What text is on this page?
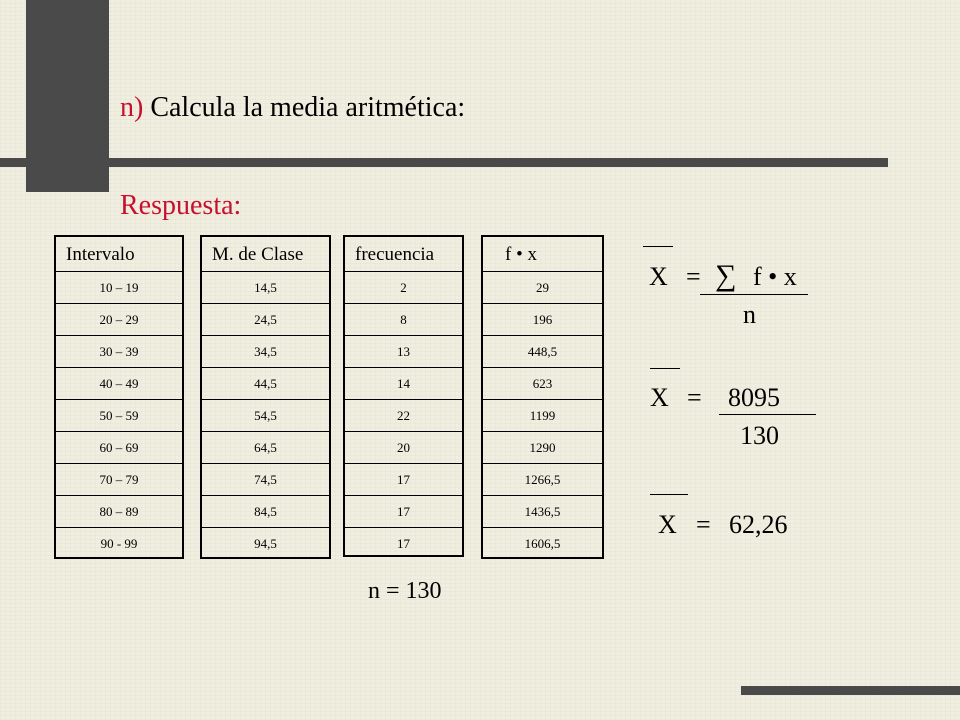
n) Calcula la media aritmética:
Respuesta:
Intervalo
10 – 19
20 – 29
30 – 39
40 – 49
50 – 59
60 – 69
70 – 79
80 – 89
90 - 99
M. de Clase
14,5
24,5
34,5
44,5
54,5
64,5
74,5
84,5
94,5
frecuencia
2
8
13
14
22
20
17
17
17
f • x
29
196
448,5
623
1199
1290
1266,5
1436,5
1606,5
n = 130
X = ∑ f • x
n
X = 8095
130
X = 62,26
